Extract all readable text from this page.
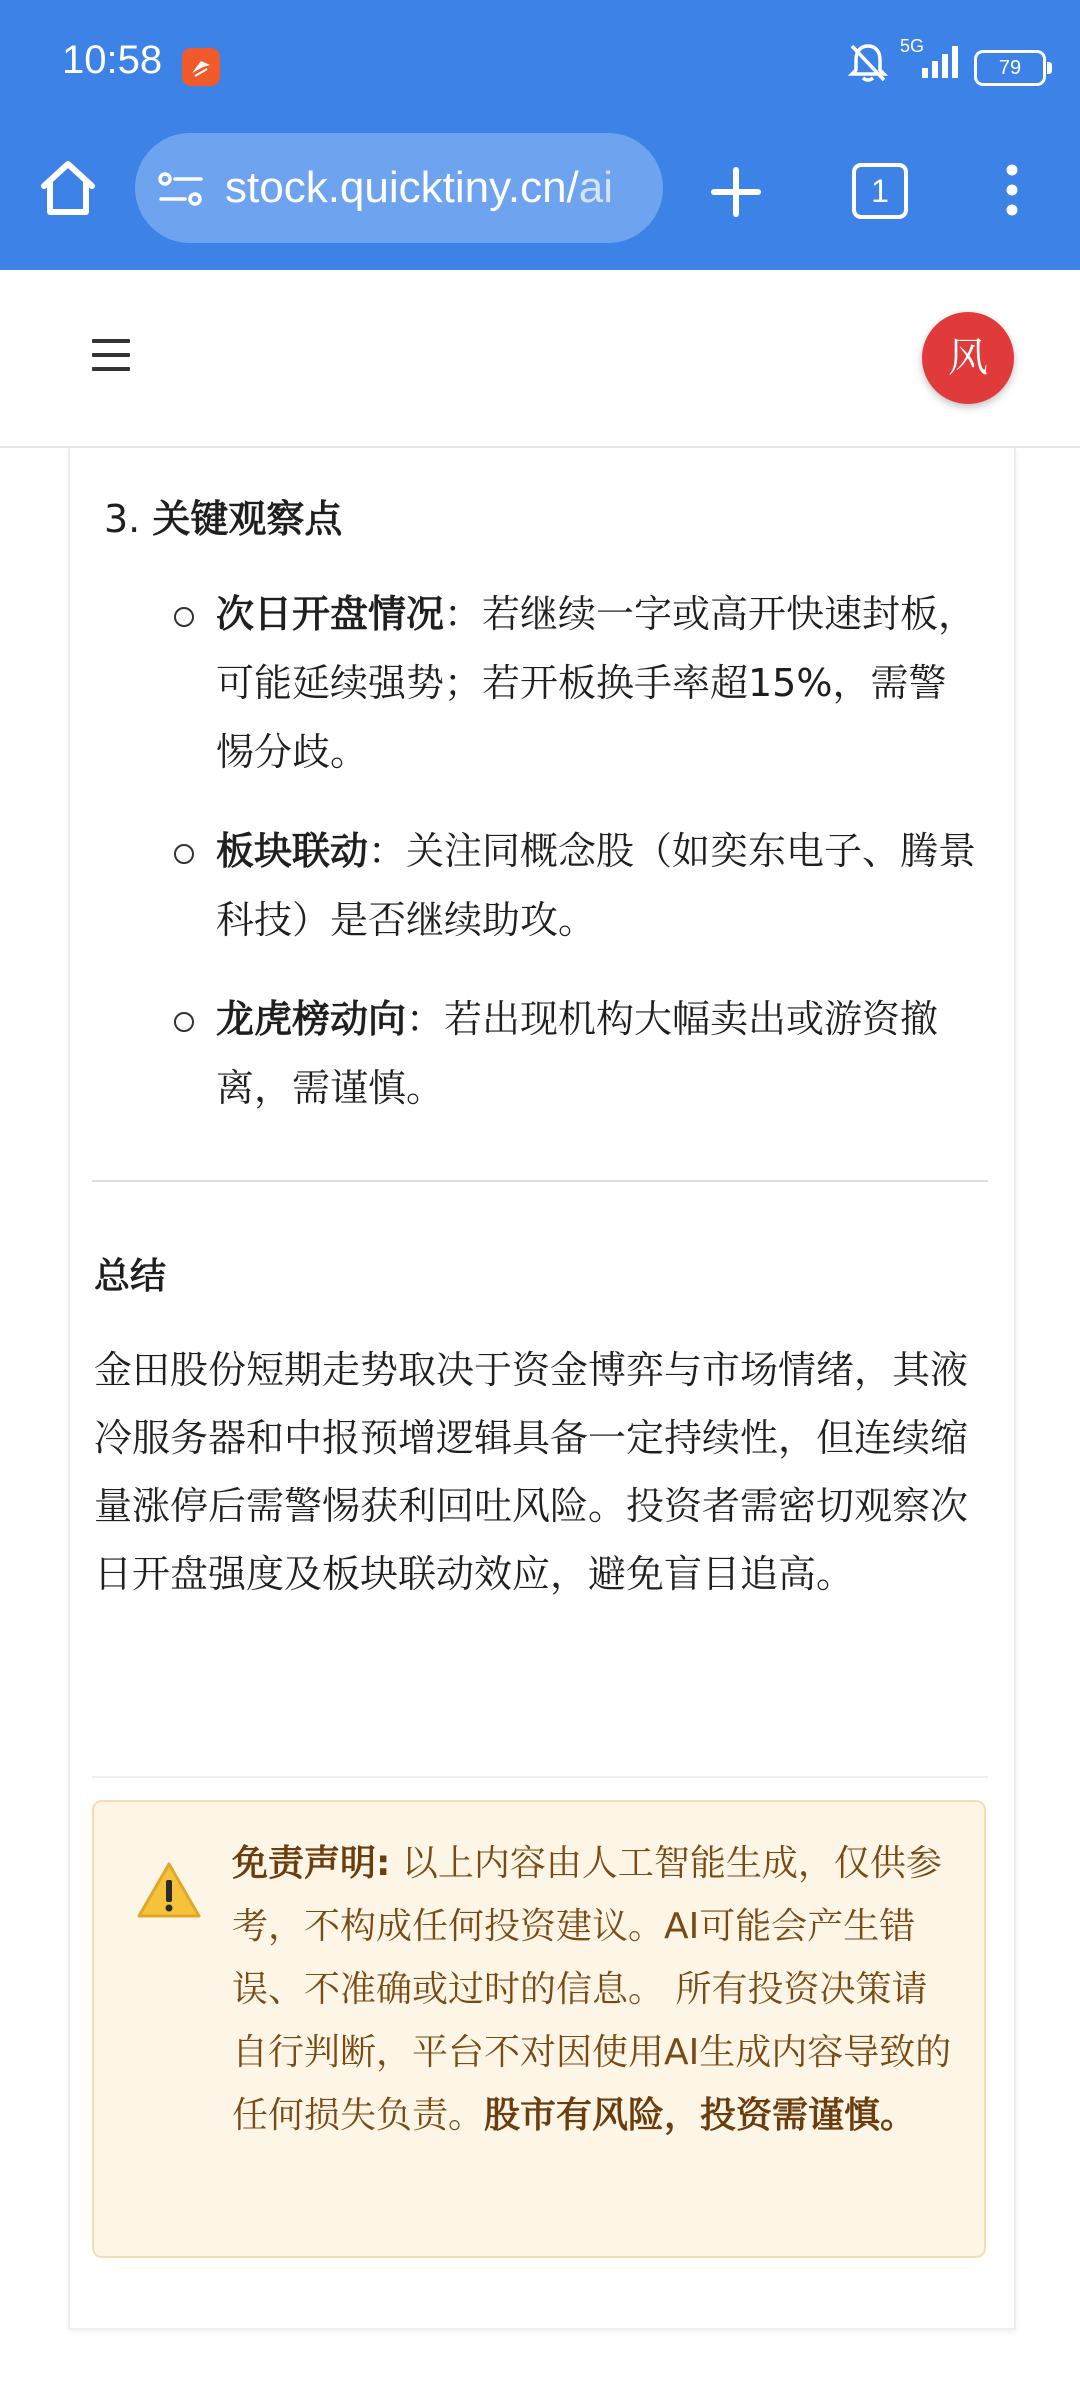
10:58	5G
79
stock.quicktiny.cn/ai	1
风
3. 关键观察点
次日开盘情况：若继续一字或高开快速封板，可能延续强势；若开板换手率超15%，需警惕分歧。
板块联动：关注同概念股（如奕东电子、腾景科技）是否继续助攻。
龙虎榜动向：若出现机构大幅卖出或游资撤离，需谨慎。
总结
金田股份短期走势取决于资金博弈与市场情绪，其液冷服务器和中报预增逻辑具备一定持续性，但连续缩量涨停后需警惕获利回吐风险。投资者需密切观察次日开盘强度及板块联动效应，避免盲目追高。
免责声明: 以上内容由人工智能生成，仅供参考，不构成任何投资建议。AI可能会产生错误、不准确或过时的信息。 所有投资决策请自行判断，平台不对因使用AI生成内容导致的任何损失负责。股市有风险，投资需谨慎。
